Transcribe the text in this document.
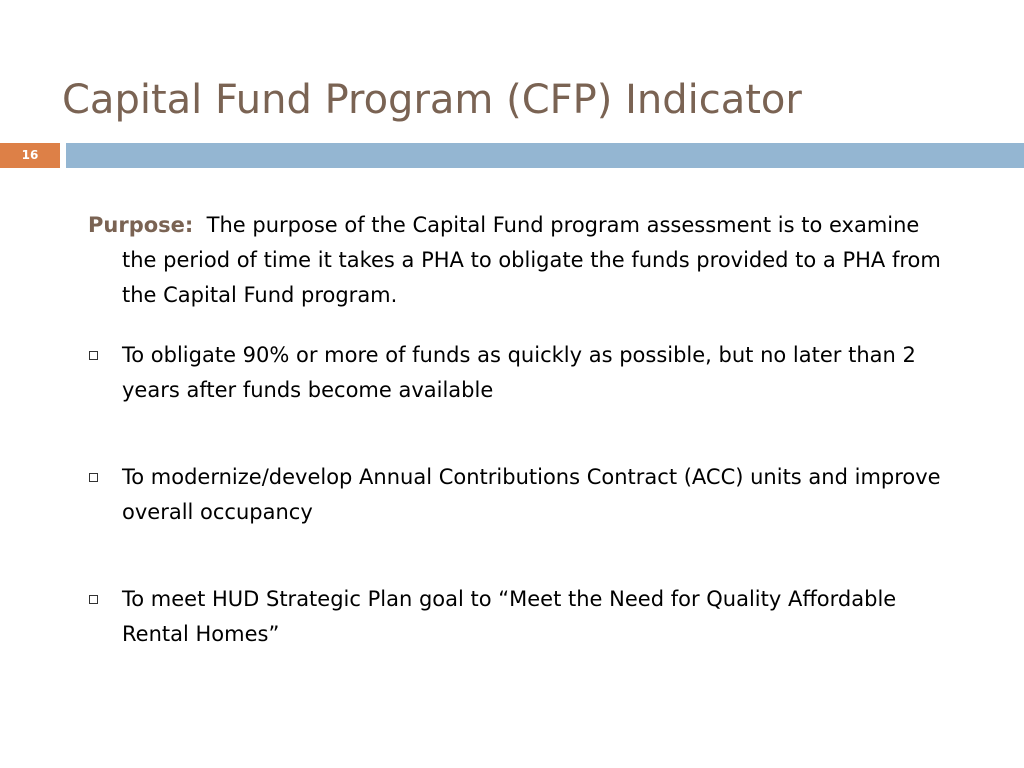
Capital Fund Program (CFP) Indicator
16

Purpose: The purpose of the Capital Fund program assessment is to examine the period of time it takes a PHA to obligate the funds provided to a PHA from the Capital Fund program.

To obligate 90% or more of funds as quickly as possible, but no later than 2 years after funds become available
To modernize/develop Annual Contributions Contract (ACC) units and improve overall occupancy
To meet HUD Strategic Plan goal to “Meet the Need for Quality Affordable Rental Homes”
